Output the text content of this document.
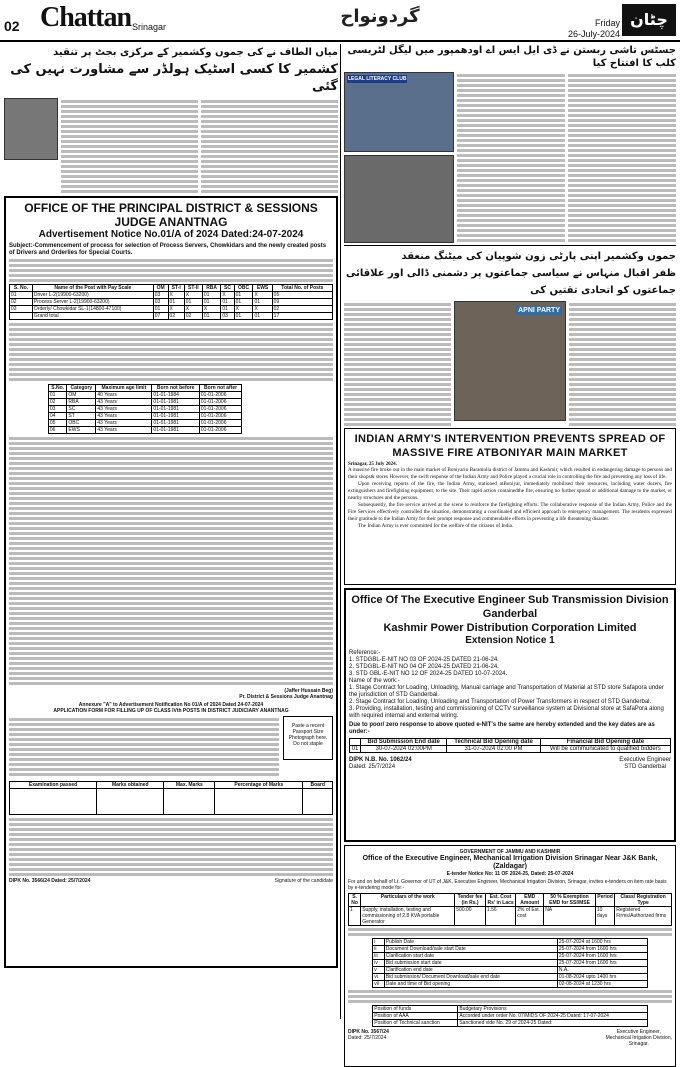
02 Chattan Srinagar	گردونواح	Friday
26-July-2024
چٹان
میاں الطاف نے کی جموں وکشمیر کے مرکزی بجٹ پر تنقید
کشمیر کا کسی اسٹیک ہولڈر سے مشاورت نہیں کی گئی
OFFICE OF THE PRINCIPAL DISTRICT & SESSIONS JUDGE ANANTNAG
Advertisement Notice No.01/A of 2024 Dated:24-07-2024
Subject:-Commencement of process for selection of Process Servers, Chowkidars and the newly created posts of Drivers and Orderlies for Special Courts.
S. No.	Name of the Post with Pay Scale	OM	ST-I	ST-II	RBA	SC	OBC	EWS	Total No. of Posts
01	Driver L-2(19900-63200)	03	X	X	01	X	01	X	05
02	Process Server L-2(19900-63200)	03	01	01	01	01	01	01	09
03	Orderly/ Chowkidar SL-1(14800-47100)	01	X	X	X	01	X	X	02
	Grand total	07	02	02	01	03	01	01	17
S.No.	Category	Maximum age limit	Born not before	Born not after
01	OM	40 Years	01-01-1984	01-01-2006
02	RBA	43 Years	01-01-1981	01-01-2006
03	SC	43 Years	01-01-1981	01-01-2006
04	ST	43 Years	01-01-1981	01-01-2006
05	OBC	43 Years	01-01-1981	01-01-2006
06	EWS	43 Years	01-01-1981	01-01-2006
(Jaffer Hussain Beg)
Pr. District & Sessions Judge Anantnag
Annexure "A" to Advertisement Notification No 01/A of 2024 Dated 24-07-2024
APPLICATION FORM FOR FILLING UP OF CLASS IVth POSTS IN DISTRICT JUDICIARY ANANTNAG
Paste a recent Passport Size Photograph here. Do not staple
Examination passed	Marks obtained	Max. Marks	Percentage of Marks	Board

DIPK No. 3566/24 Dated: 25/7/2024	Signature of the candidate
جسٹس تاشی ربستن نے ڈی ایل ایس اے اودھمپور میں لیگل لٹریسی کلب کا افتتاح کیا
LEGAL LITERACY CLUB
جموں وکشمیر اپنی پارٹی زون شوپیان کی میٹنگ منعقد
ظفر اقبال منہاس نے سیاسی جماعتوں پر دشمنی ڈالی اور علاقائی جماعتوں کو اتحادی تقتیں کی
APNI PARTY
INDIAN ARMY'S INTERVENTION PREVENTS SPREAD OF
MASSIVE FIRE ATBONIYAR MAIN MARKET
Srinagar, 25 July 2024.
A massive fire broke out in the main market of Boniyarin Baramulla district of Jammu and Kashmir, which resulted in endangering damage to persons and their shops& stores However, the swift response of the Indian Army and Police played a crucial role in controlling the fire and preventing any loss of life.
Upon receiving reports of the fire, the Indian Army, stationed atBoniyar, immediately mobilised their resources, including water dozers, fire extinguishers and firefighting equipment, to the site. Their rapid action containedthe fire, ensuring no further spread or additional damage to the market, or nearby structures and the persons.
Subsequently, the fire service arrived at the scene to reinforce the firefighting efforts. The collaborative response of the Indian Army, Police and the Fire Services effectively controlled the situation, demonstrating a coordinated and efficient approach to emergency management. The residents expressed their gratitude to the Indian Army for their prompt response and commendable efforts in preventing a life threatening disaster.
The Indian Army is ever committed for the welfare of the citizens of India.
Office Of The Executive Engineer Sub Transmission Division
Ganderbal
Kashmir Power Distribution Corporation Limited
Extension Notice 1
Reference:-
1. STDGBL-E-NIT NO 03 OF 2024-25 DATED 21-06-24.
2. STDGBL-E-NIT NO 04 OF 2024-25 DATED 21-06-24.
3. STD GBL-E-NIT NO 12 OF 2024-25 DATED 10-07-2024.
Name of the work:-
1. Stage Contract for Loading, Unloading, Manual carriage and Transportation of Material at STD store Safapora under the jurisdiction of STD Ganderbal.
2. Stage Contract for Loading, Unloading and Transportation of Power Transformers in respect of STD Ganderbal.
3. Providing, installation, testing and commissioning of CCTV surveillance system at Divisional store at SafaPora along with required internal and external wiring.
Due to poor/ zero response to above quoted e-NIT's the same are hereby extended and the key dates are as under:-
	Bid Submission End date	Technical Bid Opening date	Financial Bid Opening date
01	30-07-2024 02:00PM	31-07-2024 02:00 PM	Will be communicated to qualified bidders
DIPK N.B. No. 1062/24
Dated: 25/7/2024
Executive Engineer
STD Ganderbal
GOVERNMENT OF JAMMU AND KASHMIR
Office of the Executive Engineer, Mechanical Irrigation Division Srinagar Near J&K Bank, (Zaldagar)
E-tender Notice No: 11 OF 2024-25, Dated: 25-07-2024
For and on behalf of Lt. Governor of UT of J&K, Executive Engineer, Mechanical Irrigation Division, Srinagar, invites e-tenders on item rate basis by e-tendering mode for:-
S. No	Particulars of the work	Tender fee (in Rs.)	Est. Cost Rs' in Lacs	EMD Amount	50 % Exemption EMD for SSI/MSE	Period	Class/ Registration Type
1	Supply, installation, testing and commissioning of 2.8 KVA portable Generator	500.00	1.56	2% of Est. cost	NA	10 days	Registered Firms/Authorized firms
i	Publish Date	25-07-2024 at 1600 hrs
ii	Document Download/sale start Date	25-07-2024 from 1600 hrs
iii	Clarification start date	25-07-2024 from 1600 hrs
iv	Bid submission start date	25-07-2024 from 1600 hrs
v	Clarification end date	N.A.
vi	Bid submission/ Document Download/sale end date	01-08-2024 upto 1400 hrs
vii	Date and time of Bid opening	02-08-2024 at 1230 hrs
Position of funds	Budgetary Provisions
Position of AAA	Accorded under order No. 07/MIDS OF 2024-25 Dated: 17-07-2024
Position of Technical sanction	Sanctioned vide No. 29 of 2024-25 Dated:
DIPK No. 3567/24
Dated: 25/7/2024
Executive Engineer,
Mechanical Irrigation Division,
Srinagar.
